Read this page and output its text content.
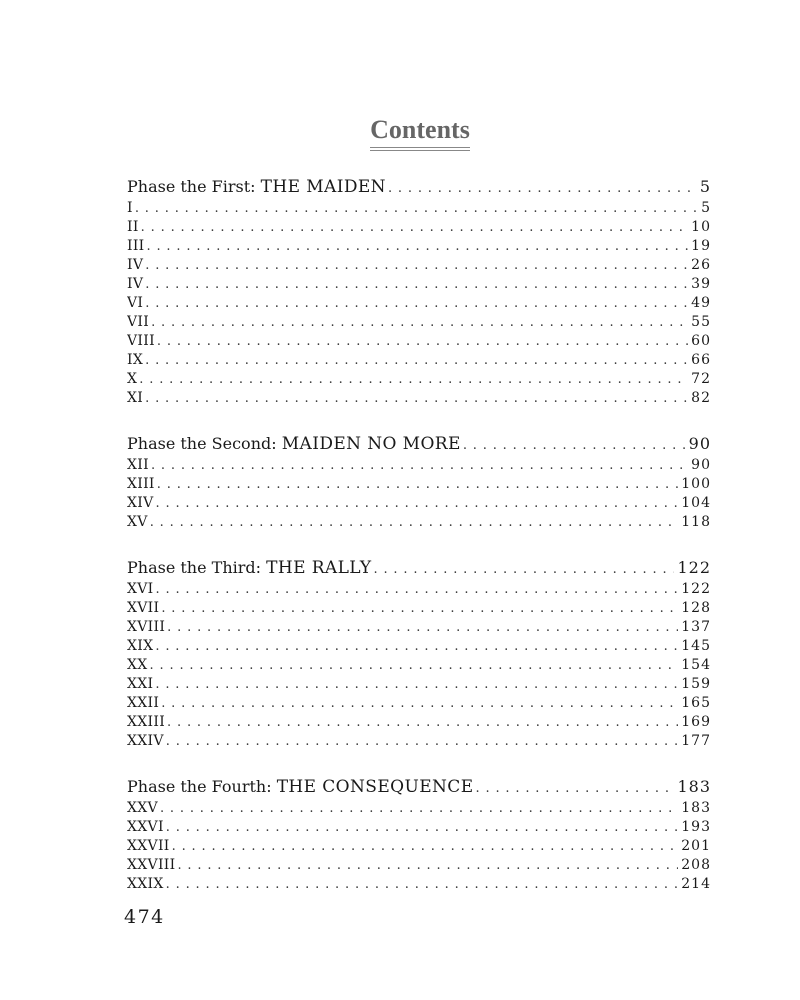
Contents
Phase the First: THE MAIDEN . . .	5
I . . .	5
II . . .	10
III . . .	19
IV . . .	26
IV . . .	39
VI . . .	49
VII . . .	55
VIII . . .	60
IX . . .	66
X . . .	72
XI . . .	82
Phase the Second: MAIDEN NO MORE . . .	90
XII . . .	90
XIII . . .	100
XIV . . .	104
XV . . .	118
Phase the Third: THE RALLY . . .	122
XVI . . .	122
XVII . . .	128
XVIII . . .	137
XIX . . .	145
XX . . .	154
XXI . . .	159
XXII . . .	165
XXIII . . .	169
XXIV . . .	177
Phase the Fourth: THE CONSEQUENCE . . .	183
XXV . . .	183
XXVI . . .	193
XXVII . . .	201
XXVIII . . .	208
XXIX . . .	214
474
